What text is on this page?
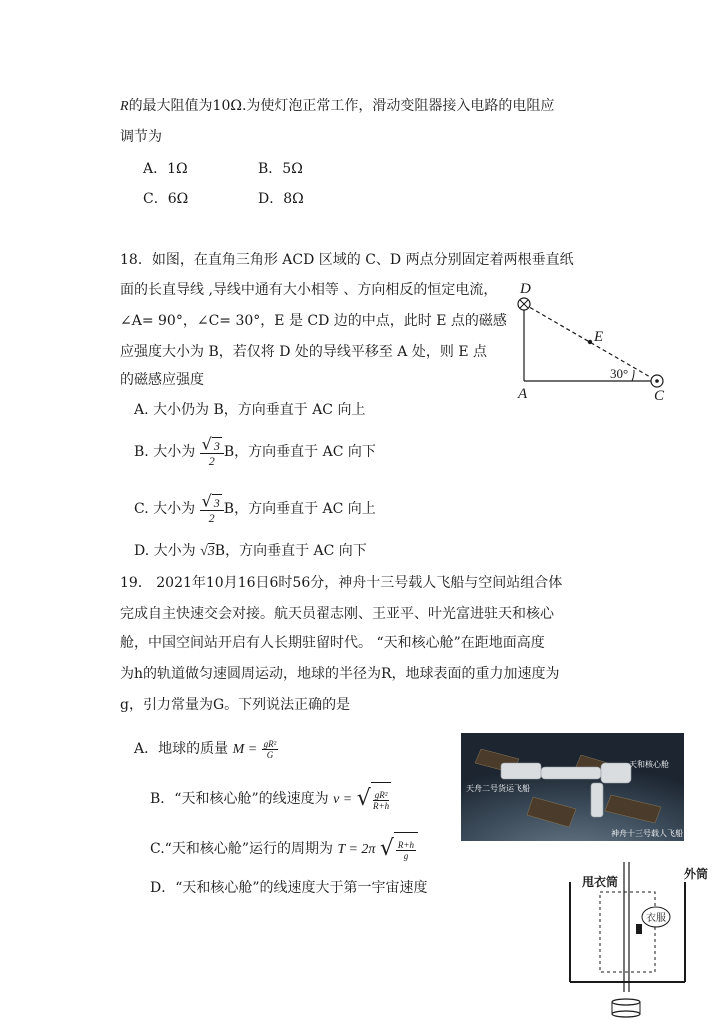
R的最大阻值为10Ω.为使灯泡正常工作，滑动变阻器接入电路的电阻应
调节为
A．1Ω	B．5Ω
C．6Ω	D．8Ω
18．如图，在直角三角形 ACD 区域的 C、D 两点分别固定着两根垂直纸
面的长直导线 ,导线中通有大小相等 、方向相反的恒定电流，
∠A= 90°，∠C= 30°，E 是 CD 边的中点，此时 E 点的磁感
应强度大小为 B，若仅将 D 处的导线平移至 A 处，则 E 点
的磁感应强度
D
E
A	C
30°
A. 大小仍为 B，方向垂直于 AC 向上
B. 大小为 $\frac{√ 3}{2}$ B，方向垂直于 AC 向下
C. 大小为 $\frac{√ 3}{2}$ B，方向垂直于 AC 向上
D. 大小为 √3B，方向垂直于 AC 向下
19． 2021年10月16日6时56分，神舟十三号载人飞船与空间站组合体
完成自主快速交会对接。航天员翟志刚、王亚平、叶光富进驻天和核心
舱，中国空间站开启有人长期驻留时代。 “天和核心舱”在距地面高度
为h的轨道做匀速圆周运动，地球的半径为R，地球表面的重力加速度为
g，引力常量为G。下列说法正确的是
A．地球的质量 $M = \frac{\text{gR²}}{G}$
B．“天和核心舱”的线速度为 v = √ $\frac{\text{gR²}}{R+h}$
C.“天和核心舱”运行的周期为 T = 2π √ $\frac{R+h}{g}$
D．“天和核心舱”的线速度大于第一宇宙速度
天和核心舱
天舟二号货运飞船
神舟十三号载人飞船
甩衣筒
外筒
衣服
